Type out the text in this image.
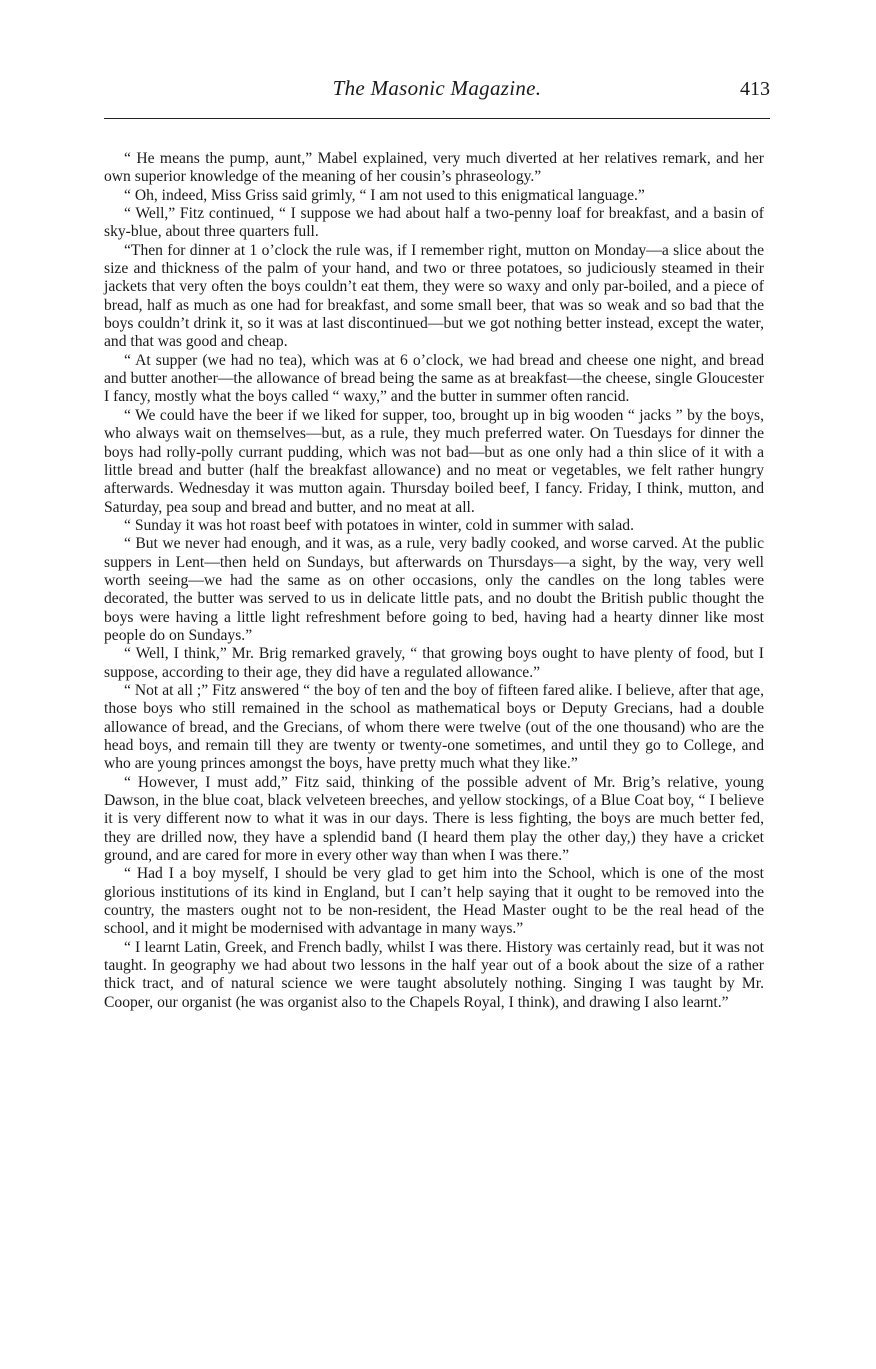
The Masonic Magazine.	413

“ He means the pump, aunt,” Mabel explained, very much diverted at her relatives remark, and her own superior knowledge of the meaning of her cousin’s phraseology.”

“ Oh, indeed, Miss Griss said grimly, “ I am not used to this enigmatical language.”

“ Well,” Fitz continued, “ I suppose we had about half a two-penny loaf for breakfast, and a basin of sky-blue, about three quarters full.

“Then for dinner at 1 o’clock the rule was, if I remember right, mutton on Monday—a slice about the size and thickness of the palm of your hand, and two or three potatoes, so judiciously steamed in their jackets that very often the boys couldn’t eat them, they were so waxy and only par-boiled, and a piece of bread, half as much as one had for breakfast, and some small beer, that was so weak and so bad that the boys couldn’t drink it, so it was at last discontinued—but we got nothing better instead, except the water, and that was good and cheap.

“ At supper (we had no tea), which was at 6 o’clock, we had bread and cheese one night, and bread and butter another—the allowance of bread being the same as at breakfast—the cheese, single Gloucester I fancy, mostly what the boys called “ waxy,” and the butter in summer often rancid.

“ We could have the beer if we liked for supper, too, brought up in big wooden “ jacks ” by the boys, who always wait on themselves—but, as a rule, they much preferred water. On Tuesdays for dinner the boys had rolly-polly currant pudding, which was not bad—but as one only had a thin slice of it with a little bread and butter (half the breakfast allowance) and no meat or vegetables, we felt rather hungry afterwards. Wednesday it was mutton again. Thursday boiled beef, I fancy. Friday, I think, mutton, and Saturday, pea soup and bread and butter, and no meat at all.

“ Sunday it was hot roast beef with potatoes in winter, cold in summer with salad.

“ But we never had enough, and it was, as a rule, very badly cooked, and worse carved. At the public suppers in Lent—then held on Sundays, but afterwards on Thursdays—a sight, by the way, very well worth seeing—we had the same as on other occasions, only the candles on the long tables were decorated, the butter was served to us in delicate little pats, and no doubt the British public thought the boys were having a little light refreshment before going to bed, having had a hearty dinner like most people do on Sundays.”

“ Well, I think,” Mr. Brig remarked gravely, “ that growing boys ought to have plenty of food, but I suppose, according to their age, they did have a regulated allowance.”

“ Not at all ;” Fitz answered “ the boy of ten and the boy of fifteen fared alike. I believe, after that age, those boys who still remained in the school as mathematical boys or Deputy Grecians, had a double allowance of bread, and the Grecians, of whom there were twelve (out of the one thousand) who are the head boys, and remain till they are twenty or twenty-one sometimes, and until they go to College, and who are young princes amongst the boys, have pretty much what they like.”

“ However, I must add,” Fitz said, thinking of the possible advent of Mr. Brig’s relative, young Dawson, in the blue coat, black velveteen breeches, and yellow stockings, of a Blue Coat boy, “ I believe it is very different now to what it was in our days. There is less fighting, the boys are much better fed, they are drilled now, they have a splendid band (I heard them play the other day,) they have a cricket ground, and are cared for more in every other way than when I was there.”

“ Had I a boy myself, I should be very glad to get him into the School, which is one of the most glorious institutions of its kind in England, but I can’t help saying that it ought to be removed into the country, the masters ought not to be non-resident, the Head Master ought to be the real head of the school, and it might be modernised with advantage in many ways.”

“ I learnt Latin, Greek, and French badly, whilst I was there. History was certainly read, but it was not taught. In geography we had about two lessons in the half year out of a book about the size of a rather thick tract, and of natural science we were taught absolutely nothing. Singing I was taught by Mr. Cooper, our organist (he was organist also to the Chapels Royal, I think), and drawing I also learnt.”
